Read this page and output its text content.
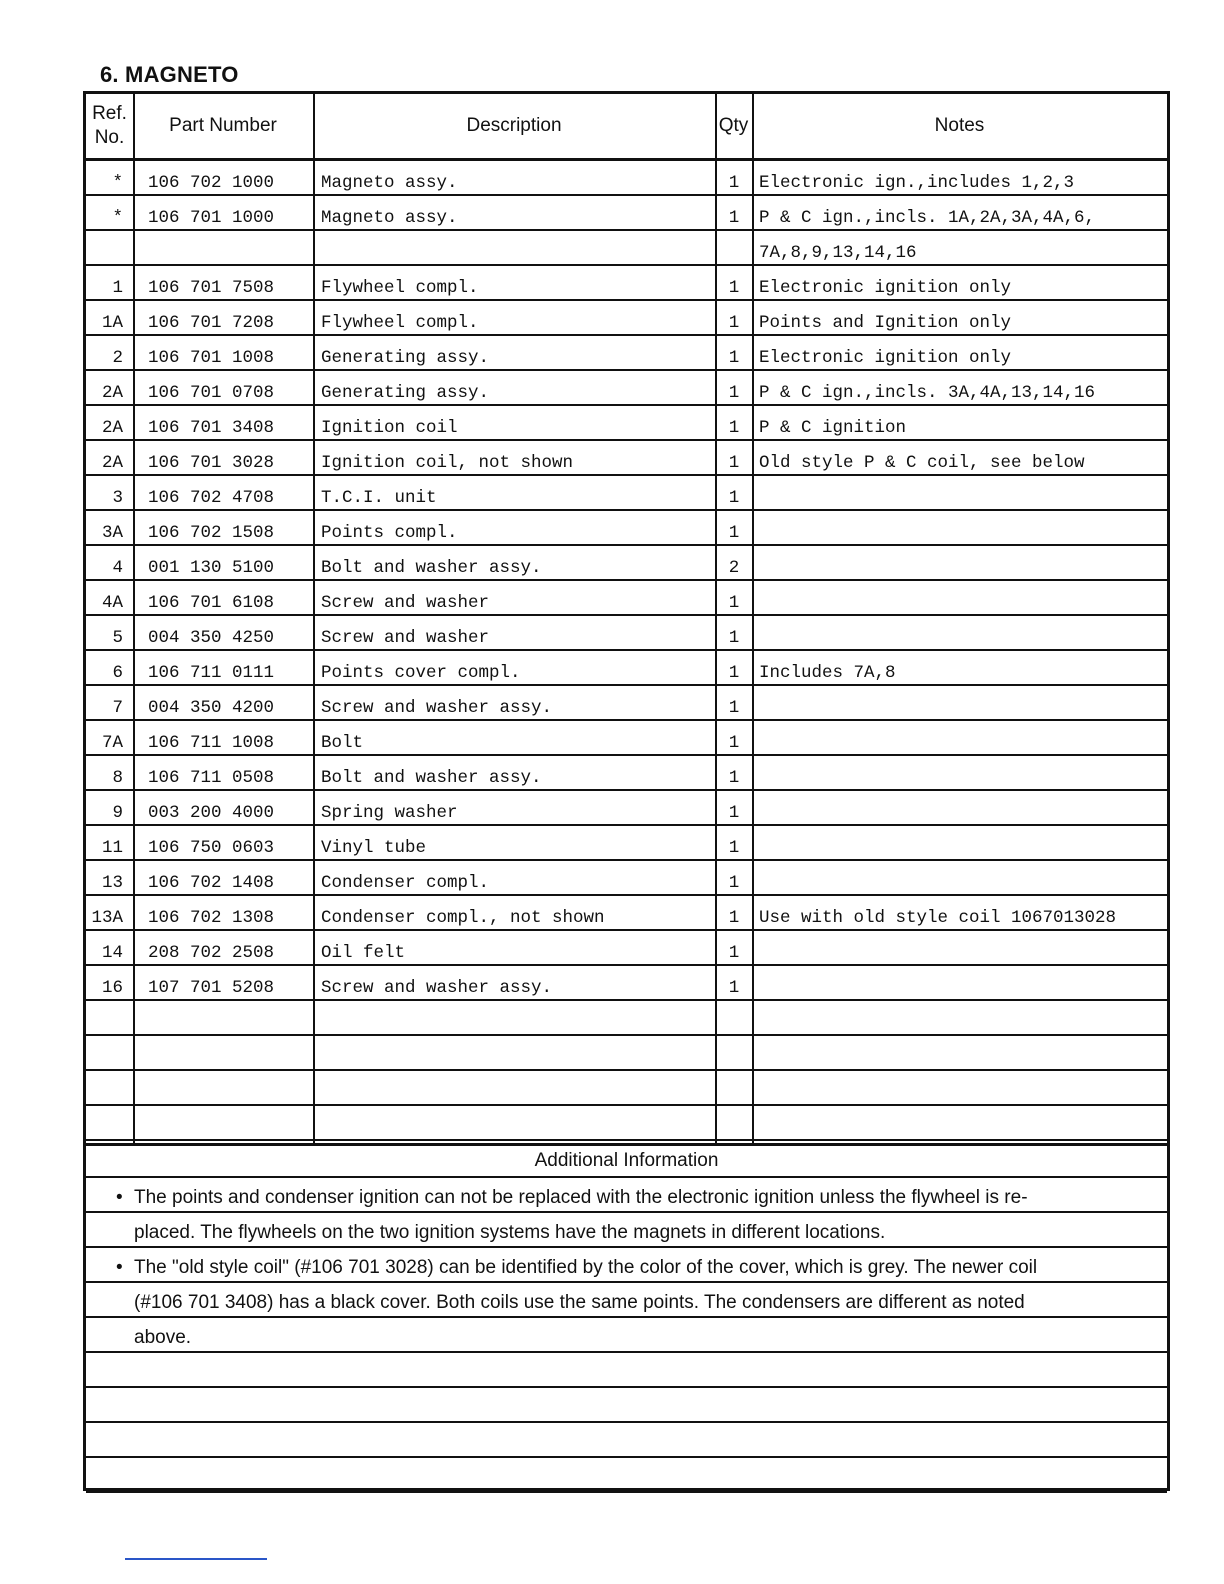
6. MAGNETO
Ref.
No.
Part Number	Description	Qty	Notes
*	106 702 1000	Magneto assy.	1	Electronic ign.,includes 1,2,3
*	106 701 1000	Magneto assy.	1	P & C ign.,incls. 1A,2A,3A,4A,6,
7A,8,9,13,14,16
1	106 701 7508	Flywheel compl.	1	Electronic ignition only
1A	106 701 7208	Flywheel compl.	1	Points and Ignition only
2	106 701 1008	Generating assy.	1	Electronic ignition only
2A	106 701 0708	Generating assy.	1	P & C ign.,incls. 3A,4A,13,14,16
2A	106 701 3408	Ignition coil	1	P & C ignition
2A	106 701 3028	Ignition coil, not shown	1	Old style P & C coil, see below
3	106 702 4708	T.C.I. unit	1
3A	106 702 1508	Points compl.	1
4	001 130 5100	Bolt and washer assy.	2
4A	106 701 6108	Screw and washer	1
5	004 350 4250	Screw and washer	1
6	106 711 0111	Points cover compl.	1	Includes 7A,8
7	004 350 4200	Screw and washer assy.	1
7A	106 711 1008	Bolt	1
8	106 711 0508	Bolt and washer assy.	1
9	003 200 4000	Spring washer	1
11	106 750 0603	Vinyl tube	1
13	106 702 1408	Condenser compl.	1
13A	106 702 1308	Condenser compl., not shown	1	Use with old style coil 1067013028
14	208 702 2508	Oil felt	1
16	107 701 5208	Screw and washer assy.	1
Additional Information
• The points and condenser ignition can not be replaced with the electronic ignition unless the flywheel is re-
placed. The flywheels on the two ignition systems have the magnets in different locations.
• The "old style coil" (#106 701 3028) can be identified by the color of the cover, which is grey. The newer coil
(#106 701 3408) has a black cover. Both coils use the same points. The condensers are different as noted
above.
